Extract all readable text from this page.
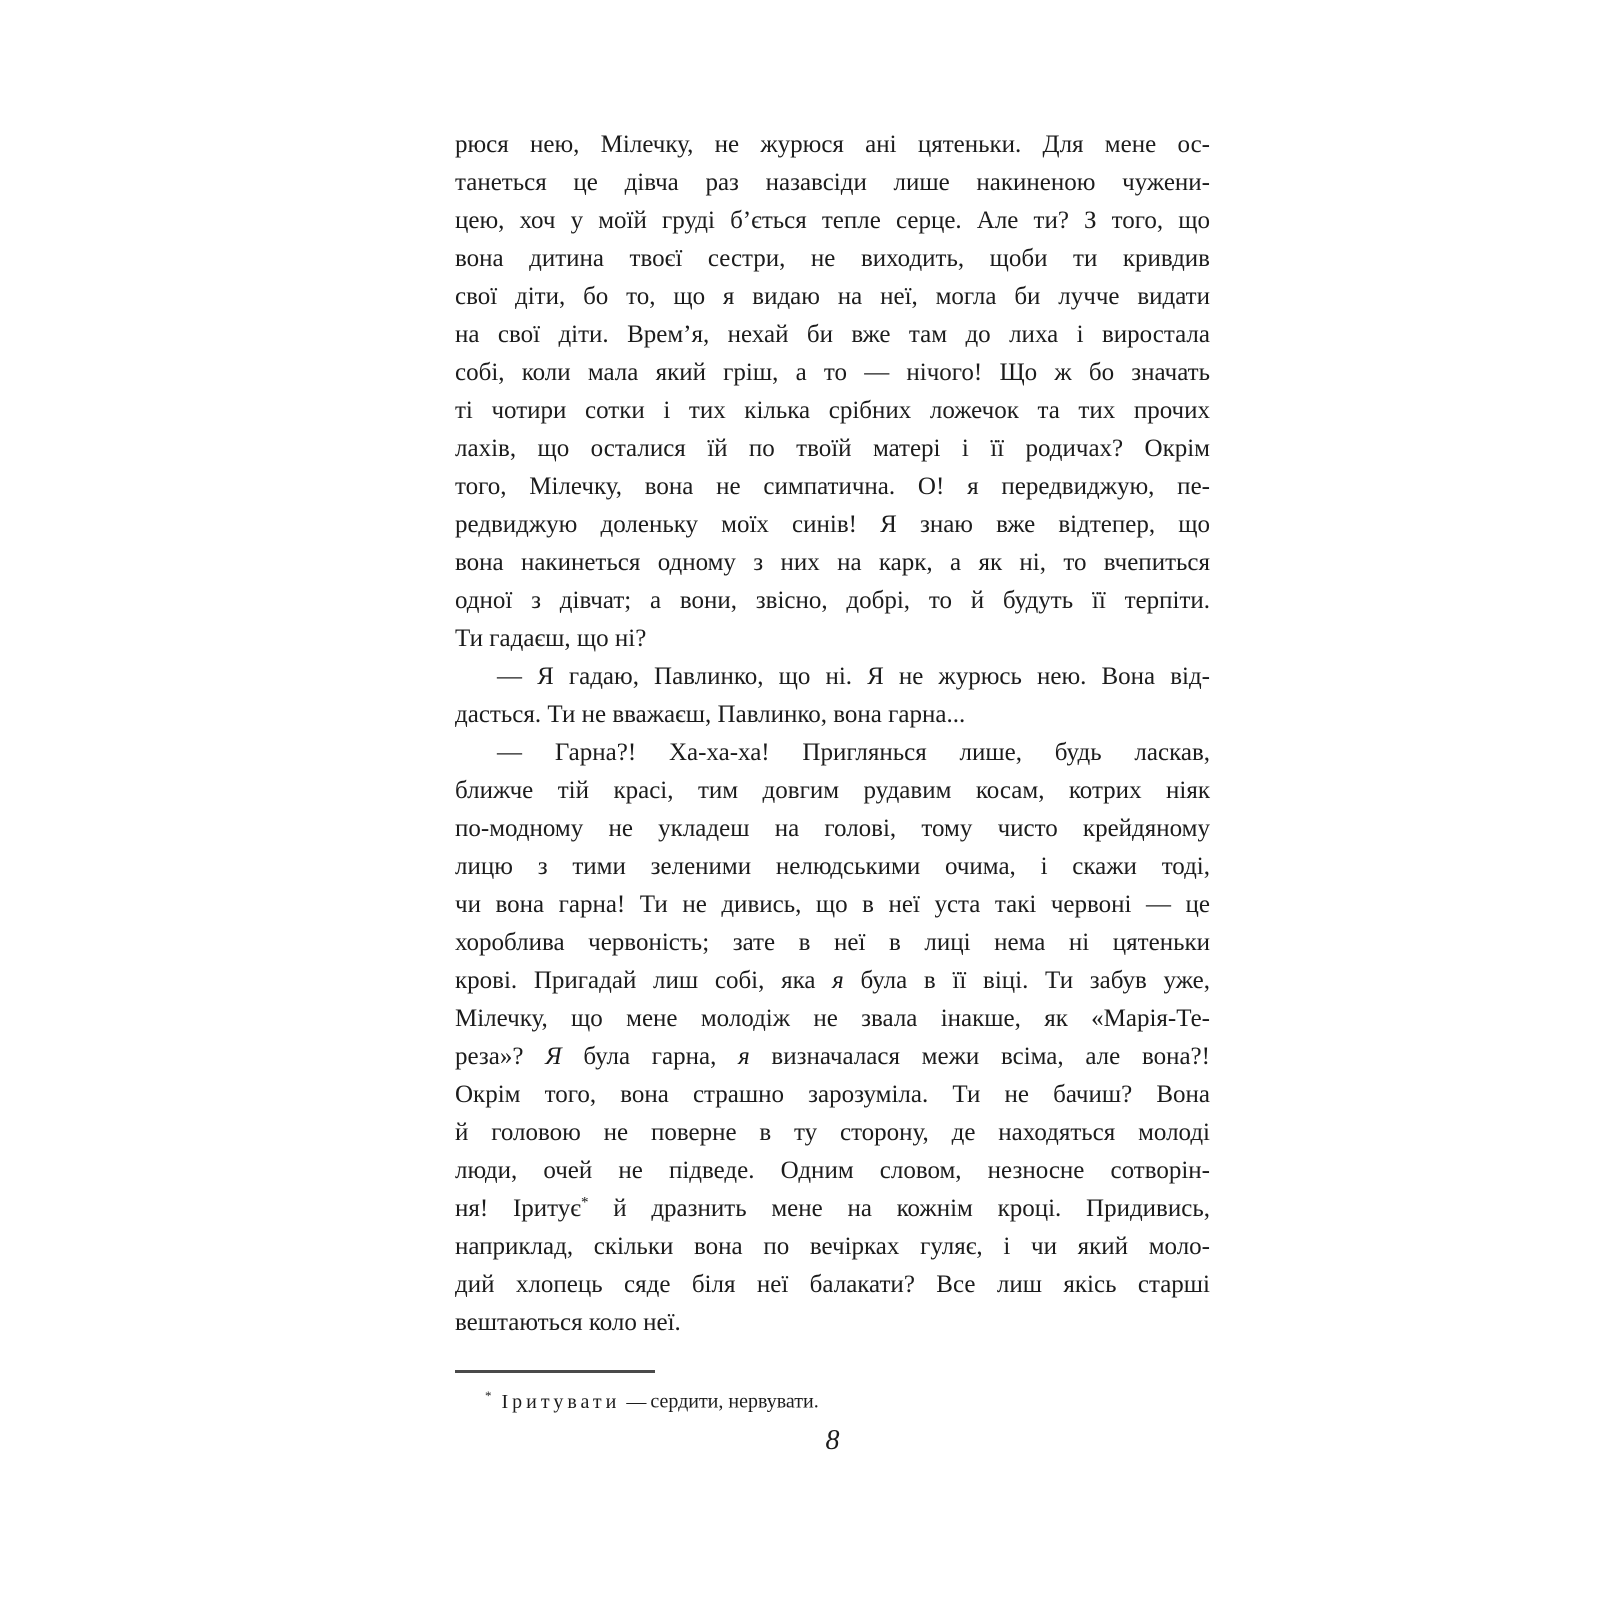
рюся нею, Мілечку, не журюся ані цятеньки. Для мене ос-
танеться це дівча раз назавсіди лише накиненою чужени-
цею, хоч у моїй груді б’ється тепле серце. Але ти? З того, що
вона дитина твоєї сестри, не виходить, щоби ти кривдив
свої діти, бо то, що я видаю на неї, могла би лучче видати
на свої діти. Врем’я, нехай би вже там до лиха і виростала
собі, коли мала який гріш, а то — нічого! Що ж бо значать
ті чотири сотки і тих кілька срібних ложечок та тих прочих
лахів, що осталися їй по твоїй матері і її родичах? Окрім
того, Мілечку, вона не симпатична. О! я передвиджую, пе-
редвиджую доленьку моїх синів! Я знаю вже відтепер, що
вона накинеться одному з них на карк, а як ні, то вчепиться
одної з дівчат; а вони, звісно, добрі, то й будуть її терпіти.
Ти гадаєш, що ні?
— Я гадаю, Павлинко, що ні. Я не журюсь нею. Вона від-
дасться. Ти не вважаєш, Павлинко, вона гарна...
— Гарна?! Ха-ха-ха! Приглянься лише, будь ласкав,
ближче тій красі, тим довгим рудавим косам, котрих ніяк
по-модному не укладеш на голові, тому чисто крейдяному
лицю з тими зеленими нелюдськими очима, і скажи тоді,
чи вона гарна! Ти не дивись, що в неї уста такі червоні — це
хороблива червоність; зате в неї в лиці нема ні цятеньки
крові. Пригадай лиш собі, яка я була в її віці. Ти забув уже,
Мілечку, що мене молодіж не звала інакше, як «Марія-Те-
реза»? Я була гарна, я визначалася межи всіма, але вона?!
Окрім того, вона страшно зарозуміла. Ти не бачиш? Вона
й головою не поверне в ту сторону, де находяться молоді
люди, очей не підведе. Одним словом, незносне сотворін-
ня! Іритує* й дразнить мене на кожнім кроці. Придивись,
наприклад, скільки вона по вечірках гуляє, і чи який моло-
дий хлопець сяде біля неї балакати? Все лиш якісь старші
вештаються коло неї.
* Іритувати — сердити, нервувати.
8
